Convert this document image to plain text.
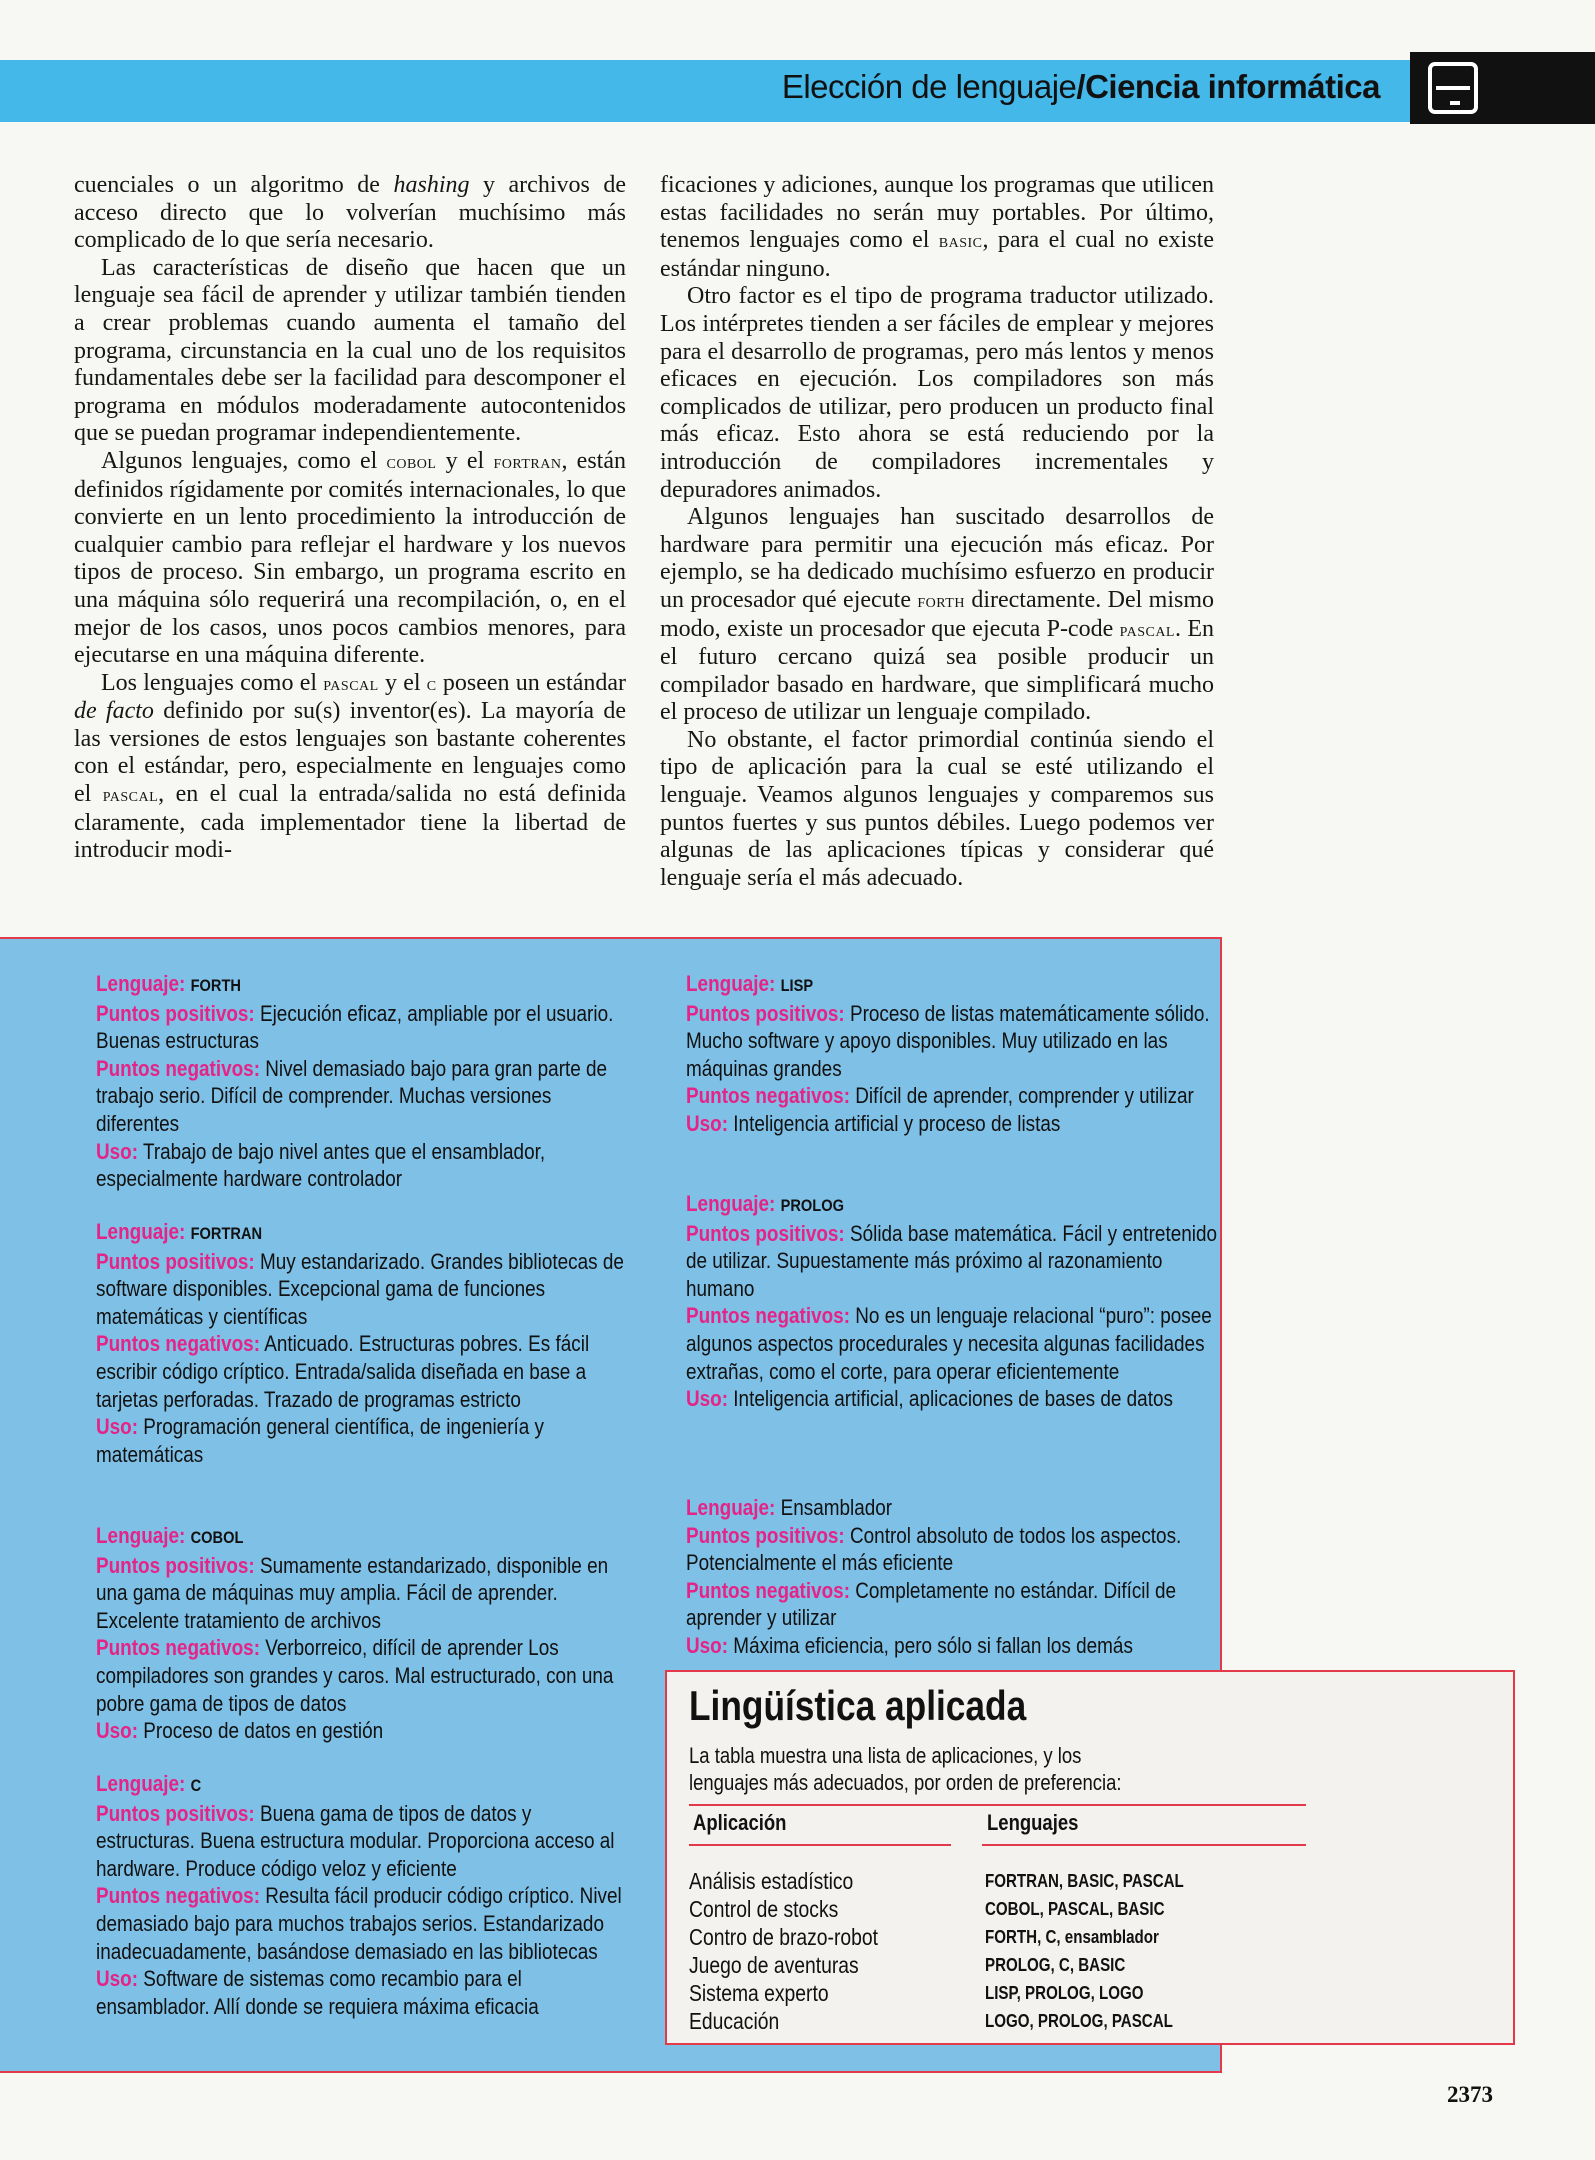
Elección de lenguaje/Ciencia informática

cuenciales o un algoritmo de hashing y archivos de acceso directo que lo volverían muchísimo más complicado de lo que sería necesario.

Las características de diseño que hacen que un lenguaje sea fácil de aprender y utilizar también tienden a crear problemas cuando aumenta el tamaño del programa, circunstancia en la cual uno de los requisitos fundamentales debe ser la facilidad para descomponer el programa en módulos moderadamente autocontenidos que se puedan programar independientemente.

Algunos lenguajes, como el cobol y el fortran, están definidos rígidamente por comités internacionales, lo que convierte en un lento procedimiento la introducción de cualquier cambio para reflejar el hardware y los nuevos tipos de proceso. Sin embargo, un programa escrito en una máquina sólo requerirá una recompilación, o, en el mejor de los casos, unos pocos cambios menores, para ejecutarse en una máquina diferente.

Los lenguajes como el pascal y el c poseen un estándar de facto definido por su(s) inventor(es). La mayoría de las versiones de estos lenguajes son bastante coherentes con el estándar, pero, especialmente en lenguajes como el pascal, en el cual la entrada/salida no está definida claramente, cada implementador tiene la libertad de introducir modi-

ficaciones y adiciones, aunque los programas que utilicen estas facilidades no serán muy portables. Por último, tenemos lenguajes como el basic, para el cual no existe estándar ninguno.

Otro factor es el tipo de programa traductor utilizado. Los intérpretes tienden a ser fáciles de emplear y mejores para el desarrollo de programas, pero más lentos y menos eficaces en ejecución. Los compiladores son más complicados de utilizar, pero producen un producto final más eficaz. Esto ahora se está reduciendo por la introducción de compiladores incrementales y depuradores animados.

Algunos lenguajes han suscitado desarrollos de hardware para permitir una ejecución más eficaz. Por ejemplo, se ha dedicado muchísimo esfuerzo en producir un procesador qué ejecute forth directamente. Del mismo modo, existe un procesador que ejecuta P-code pascal. En el futuro cercano quizá sea posible producir un compilador basado en hardware, que simplificará mucho el proceso de utilizar un lenguaje compilado.

No obstante, el factor primordial continúa siendo el tipo de aplicación para la cual se esté utilizando el lenguaje. Veamos algunos lenguajes y comparemos sus puntos fuertes y sus puntos débiles. Luego podemos ver algunas de las aplicaciones típicas y considerar qué lenguaje sería el más adecuado.

Lenguaje: FORTH

Puntos positivos: Ejecución eficaz, ampliable por el usuario. Buenas estructuras

Puntos negativos: Nivel demasiado bajo para gran parte de trabajo serio. Difícil de comprender. Muchas versiones diferentes

Uso: Trabajo de bajo nivel antes que el ensamblador, especialmente hardware controlador

Lenguaje: FORTRAN

Puntos positivos: Muy estandarizado. Grandes bibliotecas de software disponibles. Excepcional gama de funciones matemáticas y científicas

Puntos negativos: Anticuado. Estructuras pobres. Es fácil escribir código críptico. Entrada/salida diseñada en base a tarjetas perforadas. Trazado de programas estricto

Uso: Programación general científica, de ingeniería y matemáticas

Lenguaje: COBOL

Puntos positivos: Sumamente estandarizado, disponible en una gama de máquinas muy amplia. Fácil de aprender. Excelente tratamiento de archivos

Puntos negativos: Verborreico, difícil de aprender Los compiladores son grandes y caros. Mal estructurado, con una pobre gama de tipos de datos

Uso: Proceso de datos en gestión

Lenguaje: C

Puntos positivos: Buena gama de tipos de datos y estructuras. Buena estructura modular. Proporciona acceso al hardware. Produce código veloz y eficiente

Puntos negativos: Resulta fácil producir código críptico. Nivel demasiado bajo para muchos trabajos serios. Estandarizado inadecuadamente, basándose demasiado en las bibliotecas

Uso: Software de sistemas como recambio para el ensamblador. Allí donde se requiera máxima eficacia

Lenguaje: LISP

Puntos positivos: Proceso de listas matemáticamente sólido. Mucho software y apoyo disponibles. Muy utilizado en las máquinas grandes

Puntos negativos: Difícil de aprender, comprender y utilizar

Uso: Inteligencia artificial y proceso de listas

Lenguaje: PROLOG

Puntos positivos: Sólida base matemática. Fácil y entretenido de utilizar. Supuestamente más próximo al razonamiento humano

Puntos negativos: No es un lenguaje relacional “puro”: posee algunos aspectos procedurales y necesita algunas facilidades extrañas, como el corte, para operar eficientemente

Uso: Inteligencia artificial, aplicaciones de bases de datos

Lenguaje: Ensamblador

Puntos positivos: Control absoluto de todos los aspectos. Potencialmente el más eficiente

Puntos negativos: Completamente no estándar. Difícil de aprender y utilizar

Uso: Máxima eficiencia, pero sólo si fallan los demás

Lingüística aplicada
La tabla muestra una lista de aplicaciones, y los
lenguajes más adecuados, por orden de preferencia:
Aplicación	Lenguajes
Análisis estadístico	FORTRAN, BASIC, PASCAL
Control de stocks	COBOL, PASCAL, BASIC
Contro de brazo-robot	FORTH, C, ensamblador
Juego de aventuras	PROLOG, C, BASIC
Sistema experto	LISP, PROLOG, LOGO
Educación	LOGO, PROLOG, PASCAL
2373
